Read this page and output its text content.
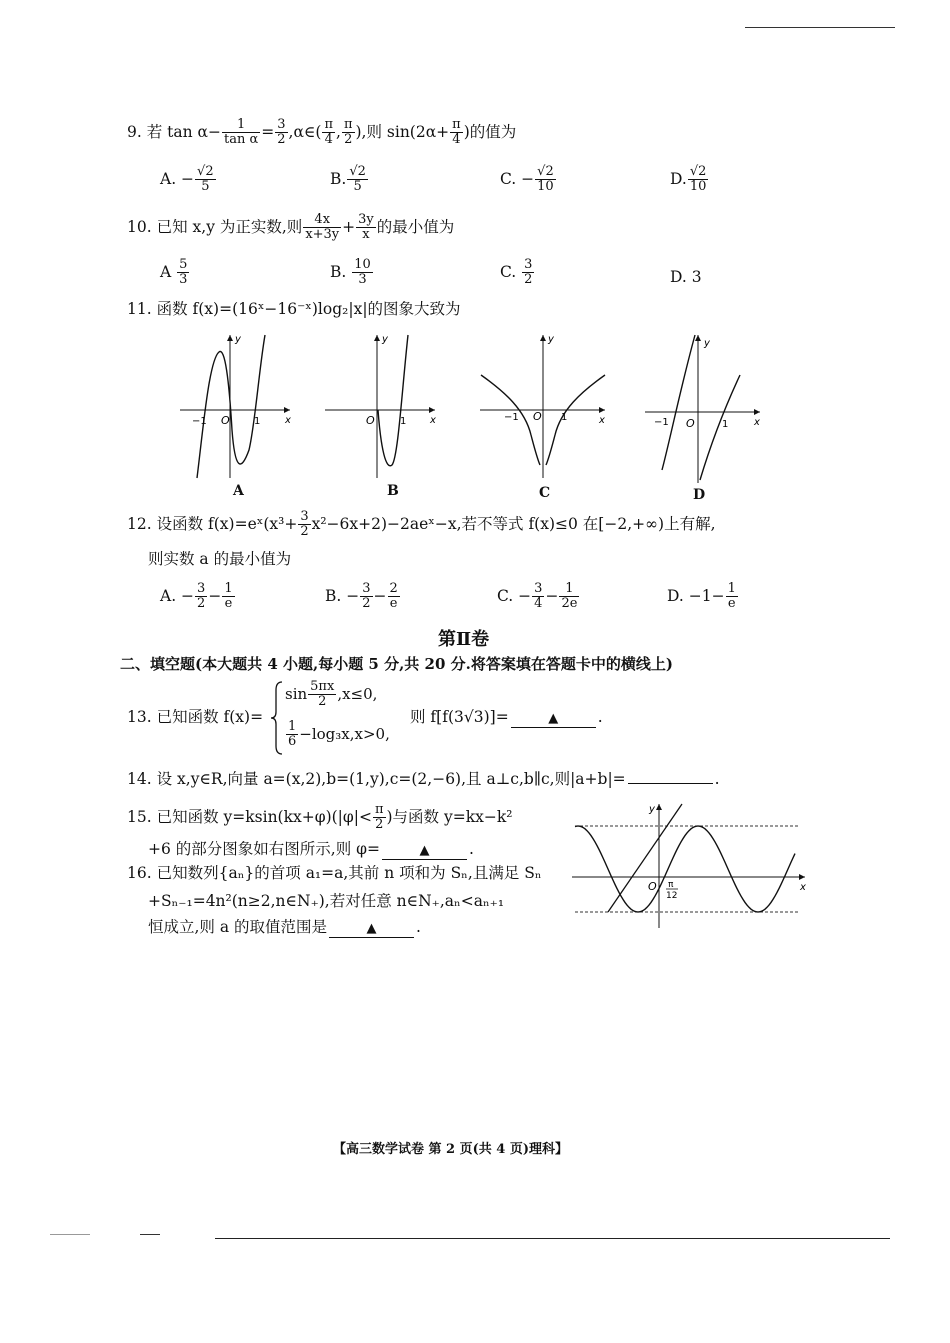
9. 若 $\tan \alpha- \frac{1}{\text{tan α}} = \frac{3}{2}$ ,α∈( $\frac{\pi}{4}$ , $\frac{\pi}{2}$ ),则 $\sin(2\alpha+ \frac{\pi}{4}$ )的值为
A. − $\frac{√2}{5}$	B. $\frac{√2}{5}$	C. − $\frac{√2}{10}$	D. $\frac{√2}{10}$
10. 已知 x,y 为正实数,则 $\frac{4x}{x+3y} + \frac{3y}{x}$ 的最小值为
A $\frac{5}{3}$	B. $\frac{10}{3}$	C. $\frac{3}{2}$	D. 3
11. 函数 f(x)=(16ˣ−16⁻ˣ)log₂|x|的图象大致为
y
x
O
−1	1
A
y
x
O	1
B
y
x
O
−1	1
C
y
x
O
−1	1
D
12. 设函数 f(x)=eˣ(x³+ $\frac{3}{2}$ x²−6x+2)−2aeˣ−x,若不等式 f(x)≤0 在[−2,+∞)上有解,
则实数 a 的最小值为
A. − $\frac{3}{2} - \frac{1}{e}$	B. − $\frac{3}{2} - \frac{2}{e}$	C. − $\frac{3}{4} - \frac{1}{2e}$	D. $-1- \frac{1}{e}$
第Ⅱ卷
二、填空题(本大题共 4 小题,每小题 5 分,共 20 分.将答案填在答题卡中的横线上)
13. 已知函数 f(x)=
$\sin \frac{5\pi x}{2} ,x\le 0$,
$\frac{1}{6} -\log_3x,x>0$,
则 f[f(3√3)]=	▲	.
14. 设 x,y∈R,向量 a=(x,2),b=(1,y),c=(2,−6),且 a⊥c,b∥c,则|a+b|=	.
15. 已知函数 $y=ksin(kx+\varphi)(|\varphi|< \frac{\pi}{2}$ )与函数 y=kx−k²
+6 的部分图象如右图所示,则 φ=	▲	.
y
x
O π
12
16. 已知数列{aₙ}的首项 a₁=a,其前 n 项和为 Sₙ,且满足 Sₙ
+Sₙ₋₁=4n²(n≥2,n∈N₊),若对任意 n∈N₊,aₙ<aₙ₊₁
恒成立,则 a 的取值范围是	▲	.
【高三数学试卷 第 2 页(共 4 页)理科】
